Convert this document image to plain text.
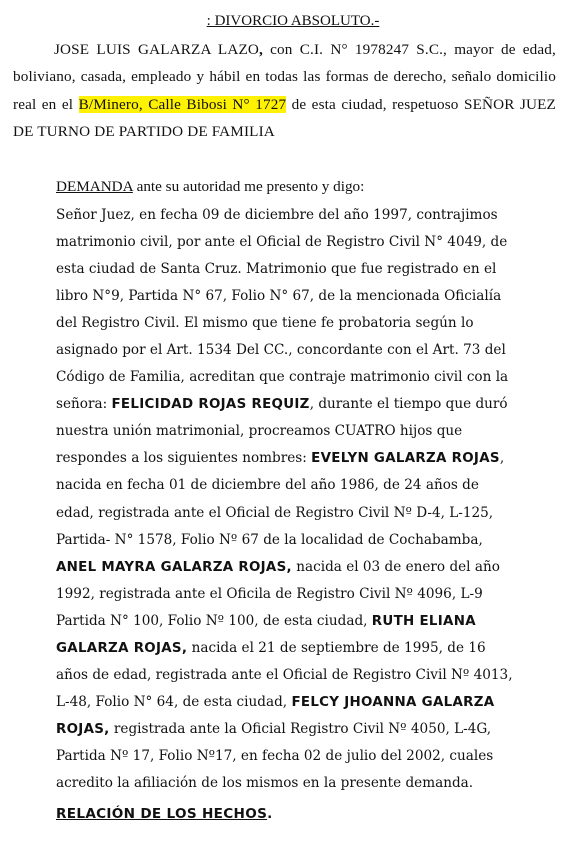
: DIVORCIO ABSOLUTO.-
JOSE LUIS GALARZA LAZO, con C.I. N° 1978247 S.C., mayor de edad, boliviano, casada, empleado y hábil en todas las formas de derecho, señalo domicilio real en el B/Minero, Calle Bibosi N° 1727 de esta ciudad, respetuoso SEÑOR JUEZ DE TURNO DE PARTIDO DE FAMILIA
DEMANDA ante su autoridad me presento y digo:
Señor Juez, en fecha 09 de diciembre del año 1997, contrajimos
matrimonio civil, por ante el Oficial de Registro Civil N° 4049, de
esta ciudad de Santa Cruz. Matrimonio que fue registrado en el
libro N°9, Partida N° 67, Folio N° 67, de la mencionada Oficialía
del Registro Civil. El mismo que tiene fe probatoria según lo
asignado por el Art. 1534 Del CC., concordante con el Art. 73 del
Código de Familia, acreditan que contraje matrimonio civil con la
señora: FELICIDAD ROJAS REQUIZ, durante el tiempo que duró
nuestra unión matrimonial, procreamos CUATRO hijos que
respondes a los siguientes nombres: EVELYN GALARZA ROJAS,
nacida en fecha 01 de diciembre del año 1986, de 24 años de
edad, registrada ante el Oficial de Registro Civil Nº D-4, L-125,
Partida- N° 1578, Folio Nº 67 de la localidad de Cochabamba,
ANEL MAYRA GALARZA ROJAS, nacida el 03 de enero del año
1992, registrada ante el Oficila de Registro Civil Nº 4096, L-9
Partida N° 100, Folio Nº 100, de esta ciudad, RUTH ELIANA
GALARZA ROJAS, nacida el 21 de septiembre de 1995, de 16
años de edad, registrada ante el Oficial de Registro Civil Nº 4013,
L-48, Folio N° 64, de esta ciudad, FELCY JHOANNA GALARZA
ROJAS, registrada ante la Oficial Registro Civil Nº 4050, L-4G,
Partida Nº 17, Folio Nº17, en fecha 02 de julio del 2002, cuales
acredito la afiliación de los mismos en la presente demanda.
RELACIÓN DE LOS HECHOS.
